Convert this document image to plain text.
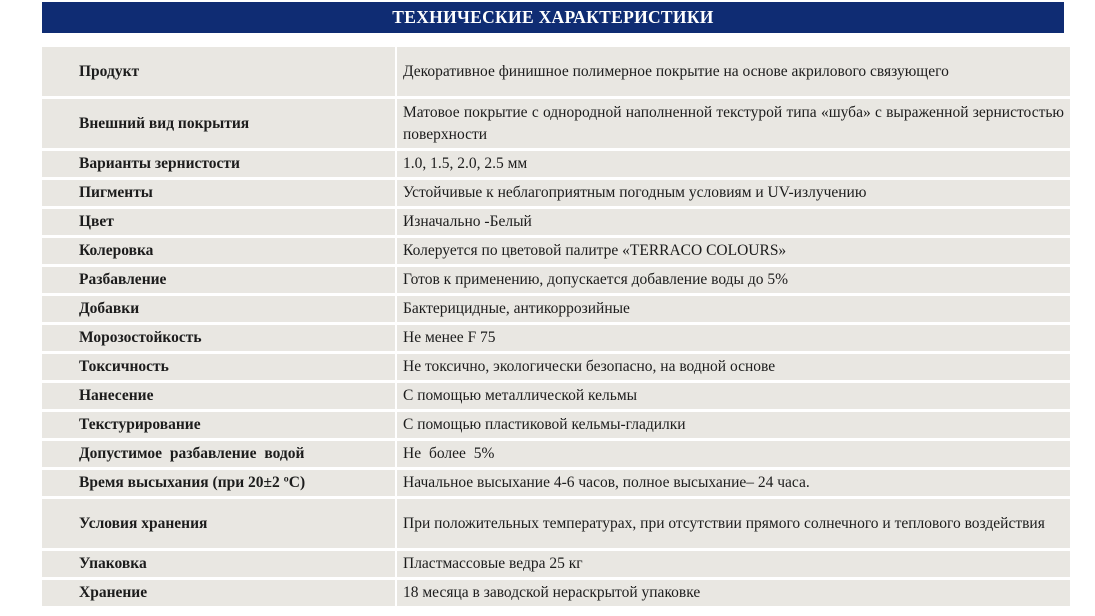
ТЕХНИЧЕСКИЕ ХАРАКТЕРИСТИКИ
Продукт	Декоративное финишное полимерное покрытие на основе акрилового связующего
Внешний вид покрытия	Матовое покрытие с однородной наполненной текстурой типа «шуба» с выраженной зернистостью поверхности
Варианты зернистости	1.0, 1.5, 2.0, 2.5 мм
Пигменты	Устойчивые к неблагоприятным погодным условиям и UV-излучению
Цвет	Изначально -Белый
Колеровка	Колеруется по цветовой палитре «TERRACO COLOURS»
Разбавление	Готов к применению, допускается добавление воды до 5%
Добавки	Бактерицидные, антикоррозийные
Морозостойкость	Не менее F 75
Токсичность	Не токсично, экологически безопасно, на водной основе
Нанесение	С помощью металлической кельмы
Текстурирование	С помощью пластиковой кельмы-гладилки
Допустимое разбавление водой	Не более 5%
Время высыхания (при 20±2 ºC)	Начальное высыхание 4-6 часов, полное высыхание– 24 часа.
Условия хранения	При положительных температурах, при отсутствии прямого солнечного и теплового воздействия
Упаковка	Пластмассовые ведра 25 кг
Хранение	18 месяца в заводской нераскрытой упаковке
